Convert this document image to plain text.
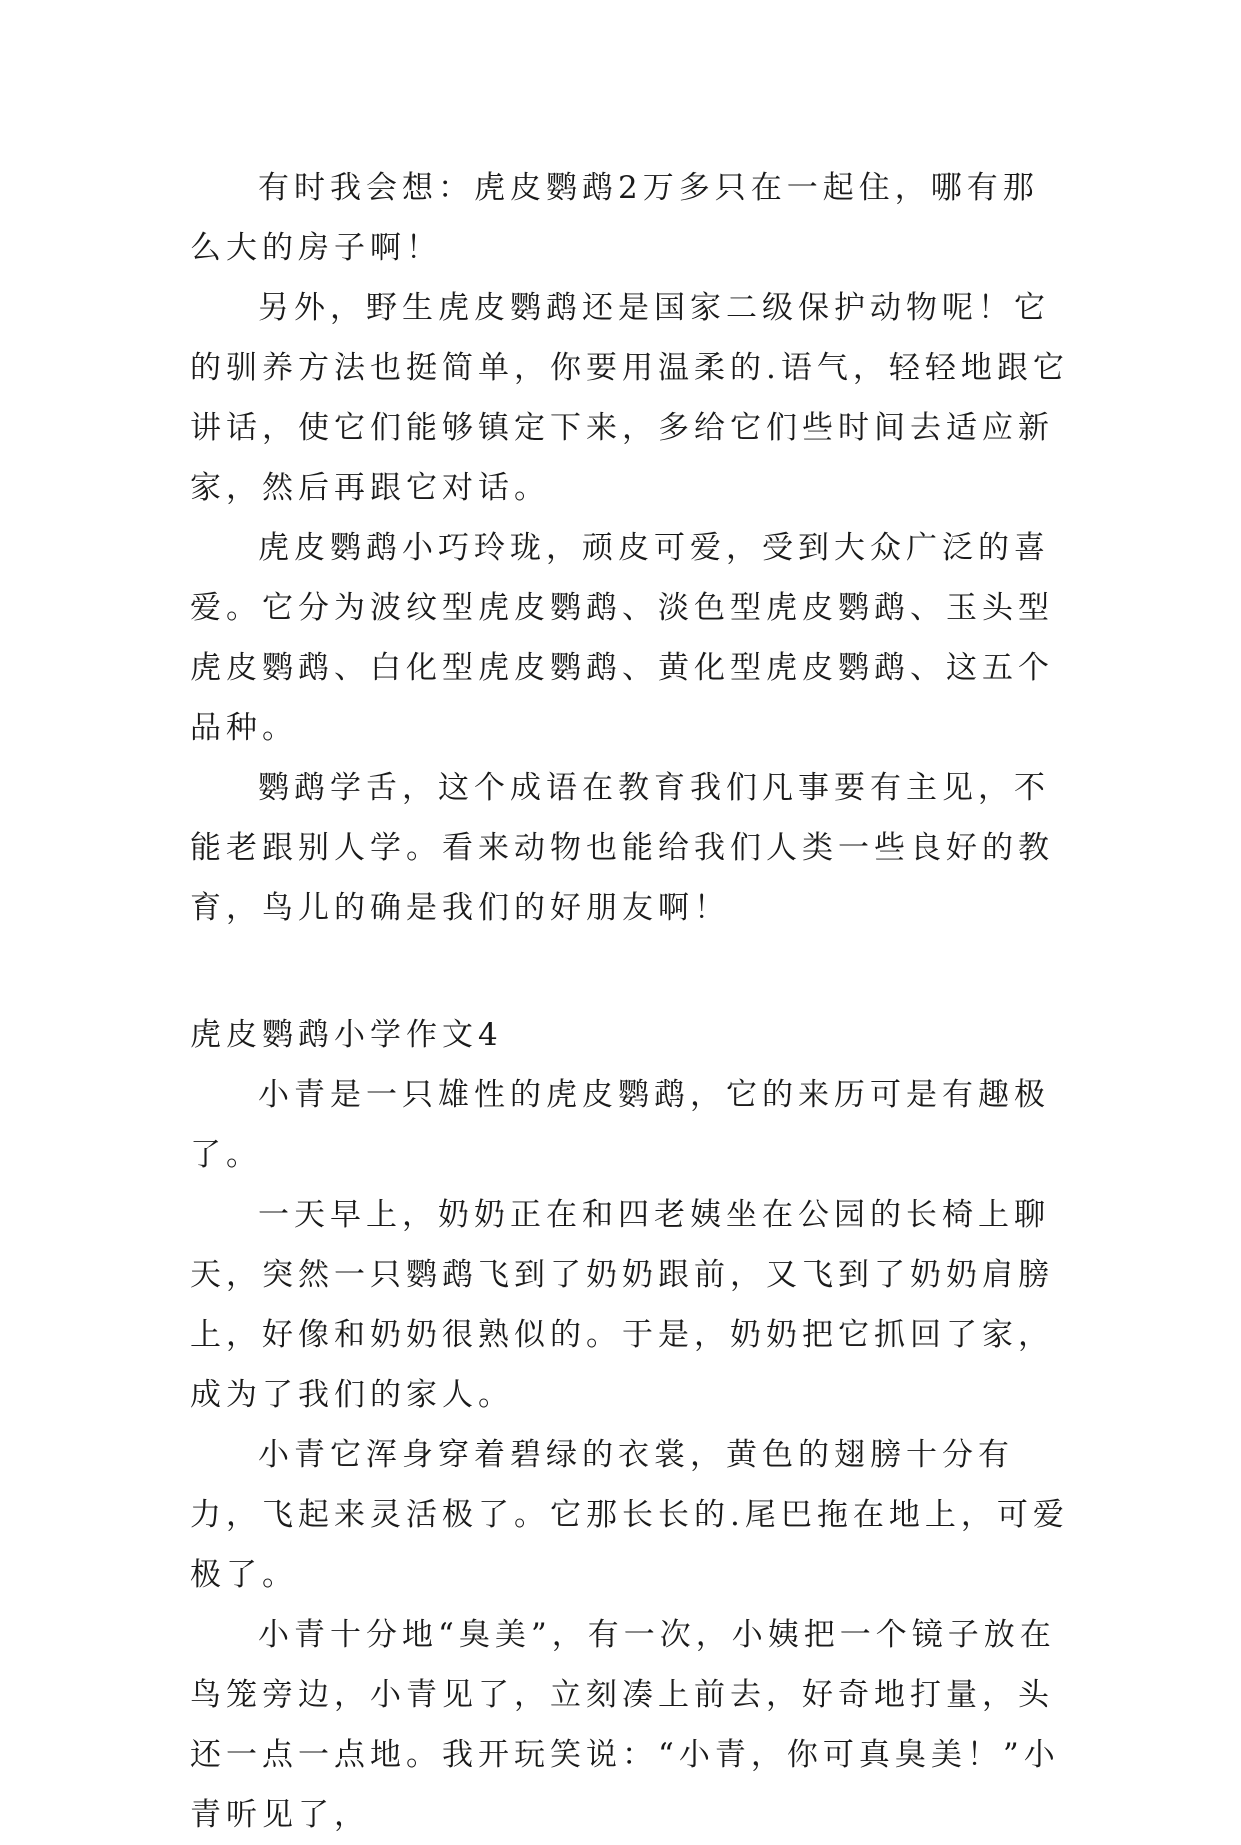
有时我会想：虎皮鹦鹉2万多只在一起住，哪有那么大的房子啊！

另外，野生虎皮鹦鹉还是国家二级保护动物呢！它的驯养方法也挺简单，你要用温柔的.语气，轻轻地跟它讲话，使它们能够镇定下来，多给它们些时间去适应新家，然后再跟它对话。

虎皮鹦鹉小巧玲珑，顽皮可爱，受到大众广泛的喜爱。它分为波纹型虎皮鹦鹉、淡色型虎皮鹦鹉、玉头型虎皮鹦鹉、白化型虎皮鹦鹉、黄化型虎皮鹦鹉、这五个品种。

鹦鹉学舌，这个成语在教育我们凡事要有主见，不能老跟别人学。看来动物也能给我们人类一些良好的教育，鸟儿的确是我们的好朋友啊！

虎皮鹦鹉小学作文4

小青是一只雄性的虎皮鹦鹉，它的来历可是有趣极了。

一天早上，奶奶正在和四老姨坐在公园的长椅上聊天，突然一只鹦鹉飞到了奶奶跟前，又飞到了奶奶肩膀上，好像和奶奶很熟似的。于是，奶奶把它抓回了家，成为了我们的家人。

小青它浑身穿着碧绿的衣裳，黄色的翅膀十分有力，飞起来灵活极了。它那长长的.尾巴拖在地上，可爱极了。

小青十分地“臭美”，有一次，小姨把一个镜子放在鸟笼旁边，小青见了，立刻凑上前去，好奇地打量，头还一点一点地。我开玩笑说：“小青，你可真臭美！”小青听见了，
